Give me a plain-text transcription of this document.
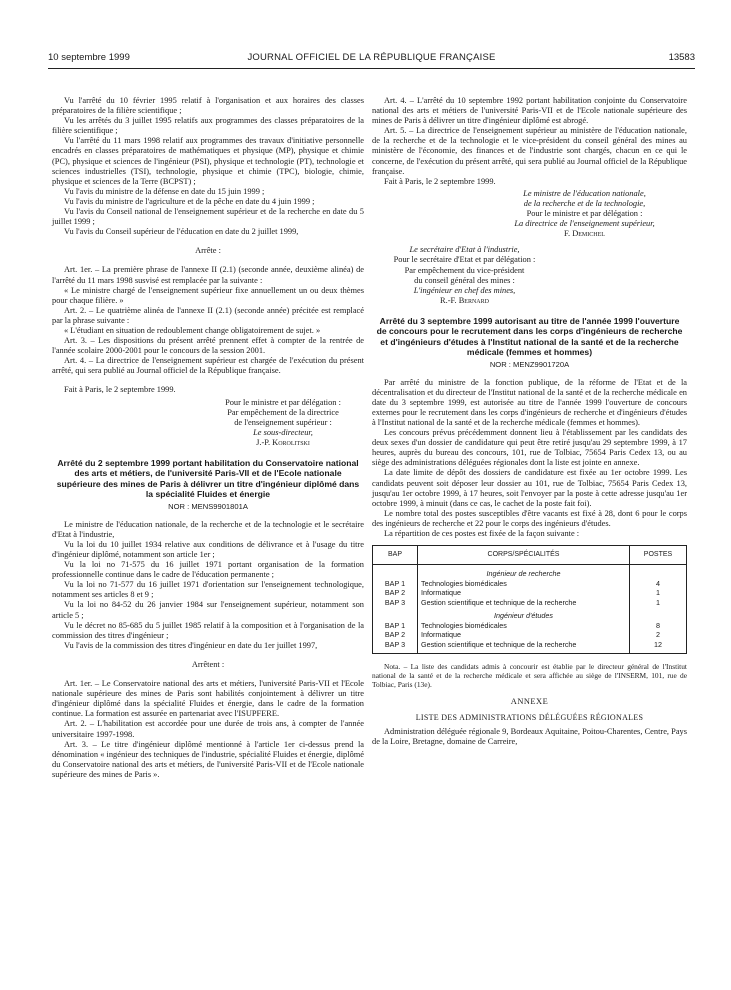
10 septembre 1999	JOURNAL OFFICIEL DE LA RÉPUBLIQUE FRANÇAISE	13583

Vu l'arrêté du 10 février 1995 relatif à l'organisation et aux horaires des classes préparatoires de la filière scientifique ;

Vu les arrêtés du 3 juillet 1995 relatifs aux programmes des classes préparatoires de la filière scientifique ;

Vu l'arrêté du 11 mars 1998 relatif aux programmes des travaux d'initiative personnelle encadrés en classes préparatoires de mathématiques et physique (MP), physique et chimie (PC), physique et sciences de l'ingénieur (PSI), physique et technologie (PT), technologie et sciences industrielles (TSI), technologie, physique et chimie (TPC), biologie, chimie, physique et sciences de la Terre (BCPST) ;

Vu l'avis du ministre de la défense en date du 15 juin 1999 ;

Vu l'avis du ministre de l'agriculture et de la pêche en date du 4 juin 1999 ;

Vu l'avis du Conseil national de l'enseignement supérieur et de la recherche en date du 5 juillet 1999 ;

Vu l'avis du Conseil supérieur de l'éducation en date du 2 juillet 1999,

Arrête :

Art. 1er. – La première phrase de l'annexe II (2.1) (seconde année, deuxième alinéa) de l'arrêté du 11 mars 1998 susvisé est remplacée par la suivante :

« Le ministre chargé de l'enseignement supérieur fixe annuellement un ou deux thèmes pour chaque filière. »

Art. 2. – Le quatrième alinéa de l'annexe II (2.1) (seconde année) précitée est remplacé par la phrase suivante :

« L'étudiant en situation de redoublement change obligatoirement de sujet. »

Art. 3. – Les dispositions du présent arrêté prennent effet à compter de la rentrée de l'année scolaire 2000-2001 pour le concours de la session 2001.

Art. 4. – La directrice de l'enseignement supérieur est chargée de l'exécution du présent arrêté, qui sera publié au Journal officiel de la République française.

Fait à Paris, le 2 septembre 1999.

Pour le ministre et par délégation :
Par empêchement de la directrice
de l'enseignement supérieur :
Le sous-directeur,
J.-P. Korolitski
Arrêté du 2 septembre 1999 portant habilitation du Conservatoire national des arts et métiers, de l'université Paris-VII et de l'Ecole nationale supérieure des mines de Paris à délivrer un titre d'ingénieur diplômé dans la spécialité Fluides et énergie
NOR : MENS9901801A

Le ministre de l'éducation nationale, de la recherche et de la technologie et le secrétaire d'Etat à l'industrie,

Vu la loi du 10 juillet 1934 relative aux conditions de délivrance et à l'usage du titre d'ingénieur diplômé, notamment son article 1er ;

Vu la loi no 71-575 du 16 juillet 1971 portant organisation de la formation professionnelle continue dans le cadre de l'éducation permanente ;

Vu la loi no 71-577 du 16 juillet 1971 d'orientation sur l'enseignement technologique, notamment ses articles 8 et 9 ;

Vu la loi no 84-52 du 26 janvier 1984 sur l'enseignement supérieur, notamment son article 5 ;

Vu le décret no 85-685 du 5 juillet 1985 relatif à la composition et à l'organisation de la commission des titres d'ingénieur ;

Vu l'avis de la commission des titres d'ingénieur en date du 1er juillet 1997,

Arrêtent :

Art. 1er. – Le Conservatoire national des arts et métiers, l'université Paris-VII et l'Ecole nationale supérieure des mines de Paris sont habilités conjointement à délivrer un titre d'ingénieur diplômé dans la spécialité Fluides et énergie, dans le cadre de la formation continue. La formation est assurée en partenariat avec l'ISUPFERE.

Art. 2. – L'habilitation est accordée pour une durée de trois ans, à compter de l'année universitaire 1997-1998.

Art. 3. – Le titre d'ingénieur diplômé mentionné à l'article 1er ci-dessus prend la dénomination « ingénieur des techniques de l'industrie, spécialité Fluides et énergie, diplômé du Conservatoire national des arts et métiers, de l'université Paris-VII et de l'Ecole nationale supérieure des mines de Paris ».

Art. 4. – L'arrêté du 10 septembre 1992 portant habilitation conjointe du Conservatoire national des arts et métiers de l'université Paris-VII et de l'Ecole nationale supérieure des mines de Paris à délivrer un titre d'ingénieur diplômé est abrogé.

Art. 5. – La directrice de l'enseignement supérieur au ministère de l'éducation nationale, de la recherche et de la technologie et le vice-président du conseil général des mines au ministère de l'économie, des finances et de l'industrie sont chargés, chacun en ce qui le concerne, de l'exécution du présent arrêté, qui sera publié au Journal officiel de la République française.

Fait à Paris, le 2 septembre 1999.

Le ministre de l'éducation nationale,
de la recherche et de la technologie,
Pour le ministre et par délégation :
La directrice de l'enseignement supérieur,
F. Demichel
Le secrétaire d'Etat à l'industrie,
Pour le secrétaire d'Etat et par délégation :
Par empêchement du vice-président
du conseil général des mines :
L'ingénieur en chef des mines,
R.-F. Bernard
Arrêté du 3 septembre 1999 autorisant au titre de l'année 1999 l'ouverture de concours pour le recrutement dans les corps d'ingénieurs de recherche et d'ingénieurs d'études à l'Institut national de la santé et de la recherche médicale (femmes et hommes)
NOR : MENZ9901720A

Par arrêté du ministre de la fonction publique, de la réforme de l'Etat et de la décentralisation et du directeur de l'Institut national de la santé et de la recherche médicale en date du 3 septembre 1999, est autorisée au titre de l'année 1999 l'ouverture de concours externes pour le recrutement dans les corps d'ingénieurs de recherche et d'ingénieurs d'études à l'Institut national de la santé et de la recherche médicale (femmes et hommes).

Les concours prévus précédemment donnent lieu à l'établissement par les candidats des deux sexes d'un dossier de candidature qui peut être retiré jusqu'au 29 septembre 1999, à 17 heures, auprès du bureau des concours, 101, rue de Tolbiac, 75654 Paris Cedex 13, ou au siège des administrations déléguées régionales dont la liste est jointe en annexe.

La date limite de dépôt des dossiers de candidature est fixée au 1er octobre 1999. Les candidats peuvent soit déposer leur dossier au 101, rue de Tolbiac, 75654 Paris Cedex 13, jusqu'au 1er octobre 1999, à 17 heures, soit l'envoyer par la poste à cette adresse jusqu'au 1er octobre 1999, à minuit (dans ce cas, le cachet de la poste fait foi).

Le nombre total des postes susceptibles d'être vacants est fixé à 28, dont 6 pour le corps des ingénieurs de recherche et 22 pour le corps des ingénieurs d'études.

La répartition de ces postes est fixée de la façon suivante :

BAP	CORPS/SPÉCIALITÉS	POSTES
	Ingénieur de recherche	
BAP 1	Technologies biomédicales	4
BAP 2	Informatique	1
BAP 3	Gestion scientifique et technique de la recherche	1
	Ingénieur d'études	
BAP 1	Technologies biomédicales	8
BAP 2	Informatique	2
BAP 3	Gestion scientifique et technique de la recherche	12

Nota. – La liste des candidats admis à concourir est établie par le directeur général de l'Institut national de la santé et de la recherche médicale et sera affichée au siège de l'INSERM, 101, rue de Tolbiac, Paris (13e).

ANNEXE
LISTE DES ADMINISTRATIONS DÉLÉGUÉES RÉGIONALES

Administration déléguée régionale 9, Bordeaux Aquitaine, Poitou-Charentes, Centre, Pays de la Loire, Bretagne, domaine de Carreire,
